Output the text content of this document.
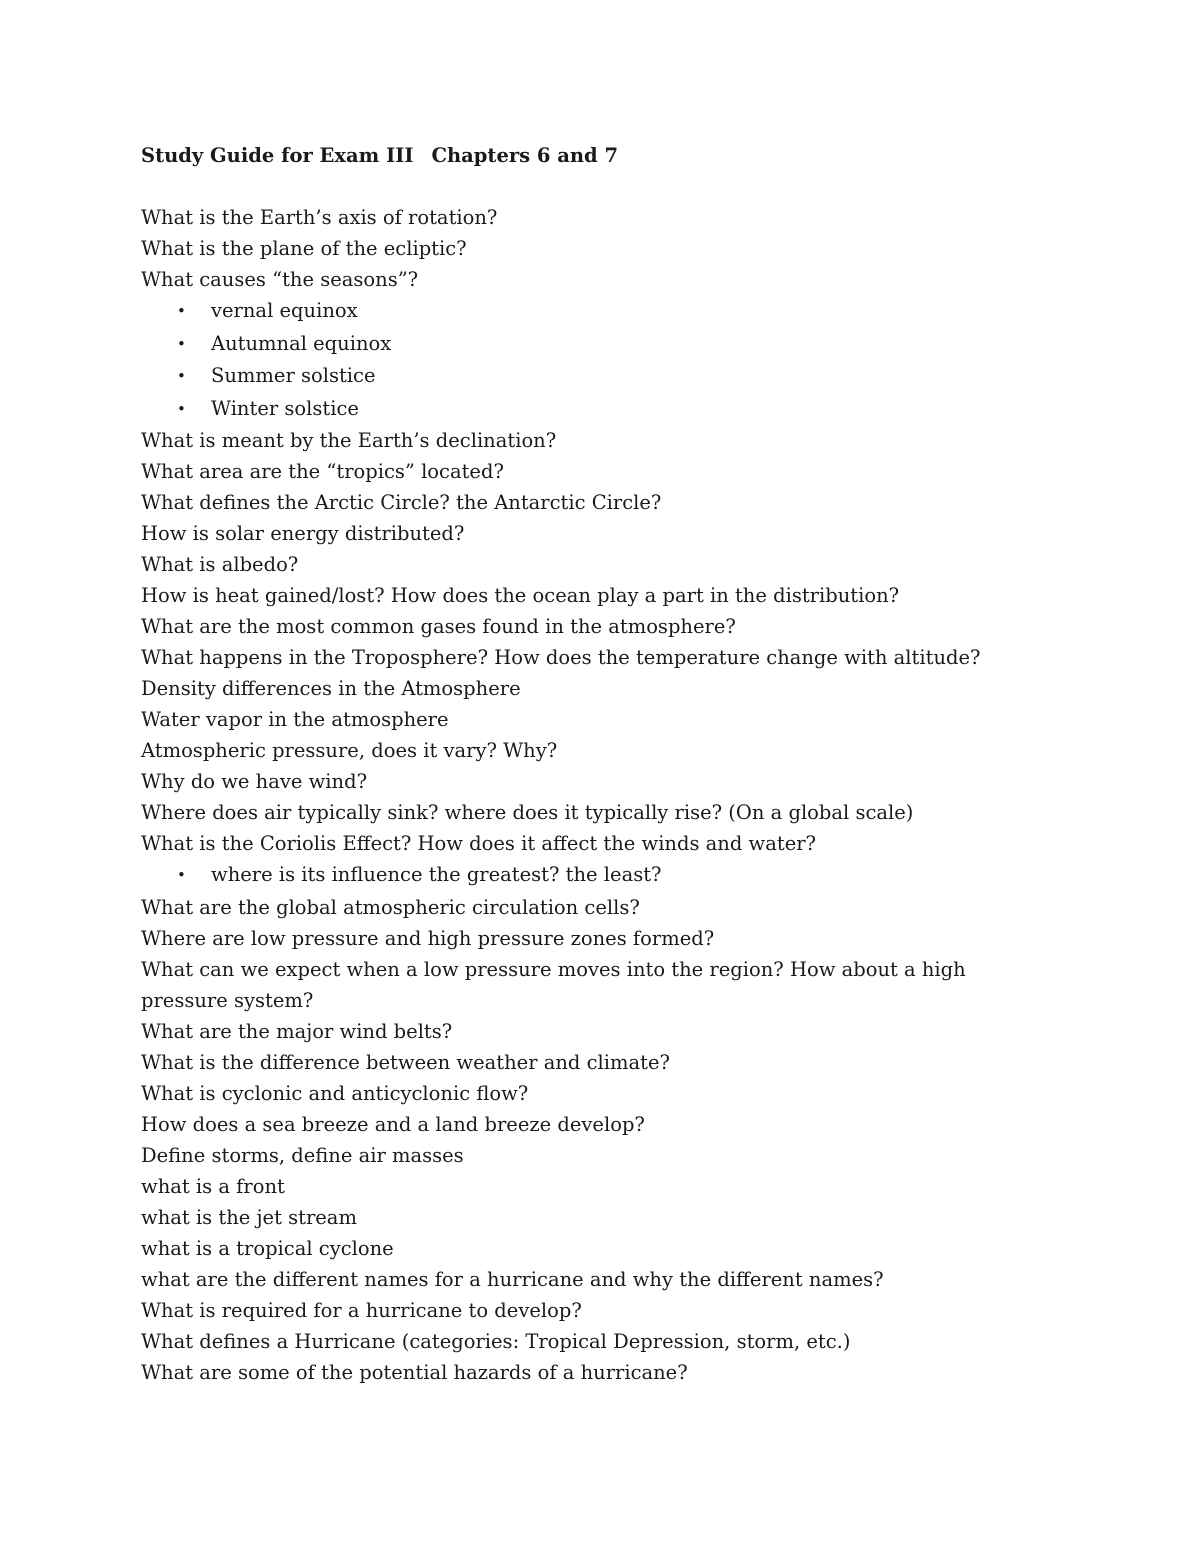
Study Guide for Exam III Chapters 6 and 7
What is the Earth’s axis of rotation?
What is the plane of the ecliptic?
What causes “the seasons”?
• vernal equinox
• Autumnal equinox
• Summer solstice
• Winter solstice
What is meant by the Earth’s declination?
What area are the “tropics” located?
What defines the Arctic Circle? the Antarctic Circle?
How is solar energy distributed?
What is albedo?
How is heat gained/lost? How does the ocean play a part in the distribution?
What are the most common gases found in the atmosphere?
What happens in the Troposphere? How does the temperature change with altitude?
Density differences in the Atmosphere
Water vapor in the atmosphere
Atmospheric pressure, does it vary? Why?
Why do we have wind?
Where does air typically sink? where does it typically rise? (On a global scale)
What is the Coriolis Effect? How does it affect the winds and water?
• where is its influence the greatest? the least?
What are the global atmospheric circulation cells?
Where are low pressure and high pressure zones formed?
What can we expect when a low pressure moves into the region? How about a high pressure system?
What are the major wind belts?
What is the difference between weather and climate?
What is cyclonic and anticyclonic flow?
How does a sea breeze and a land breeze develop?
Define storms, define air masses
what is a front
what is the jet stream
what is a tropical cyclone
what are the different names for a hurricane and why the different names?
What is required for a hurricane to develop?
What defines a Hurricane (categories: Tropical Depression, storm, etc.)
What are some of the potential hazards of a hurricane?
